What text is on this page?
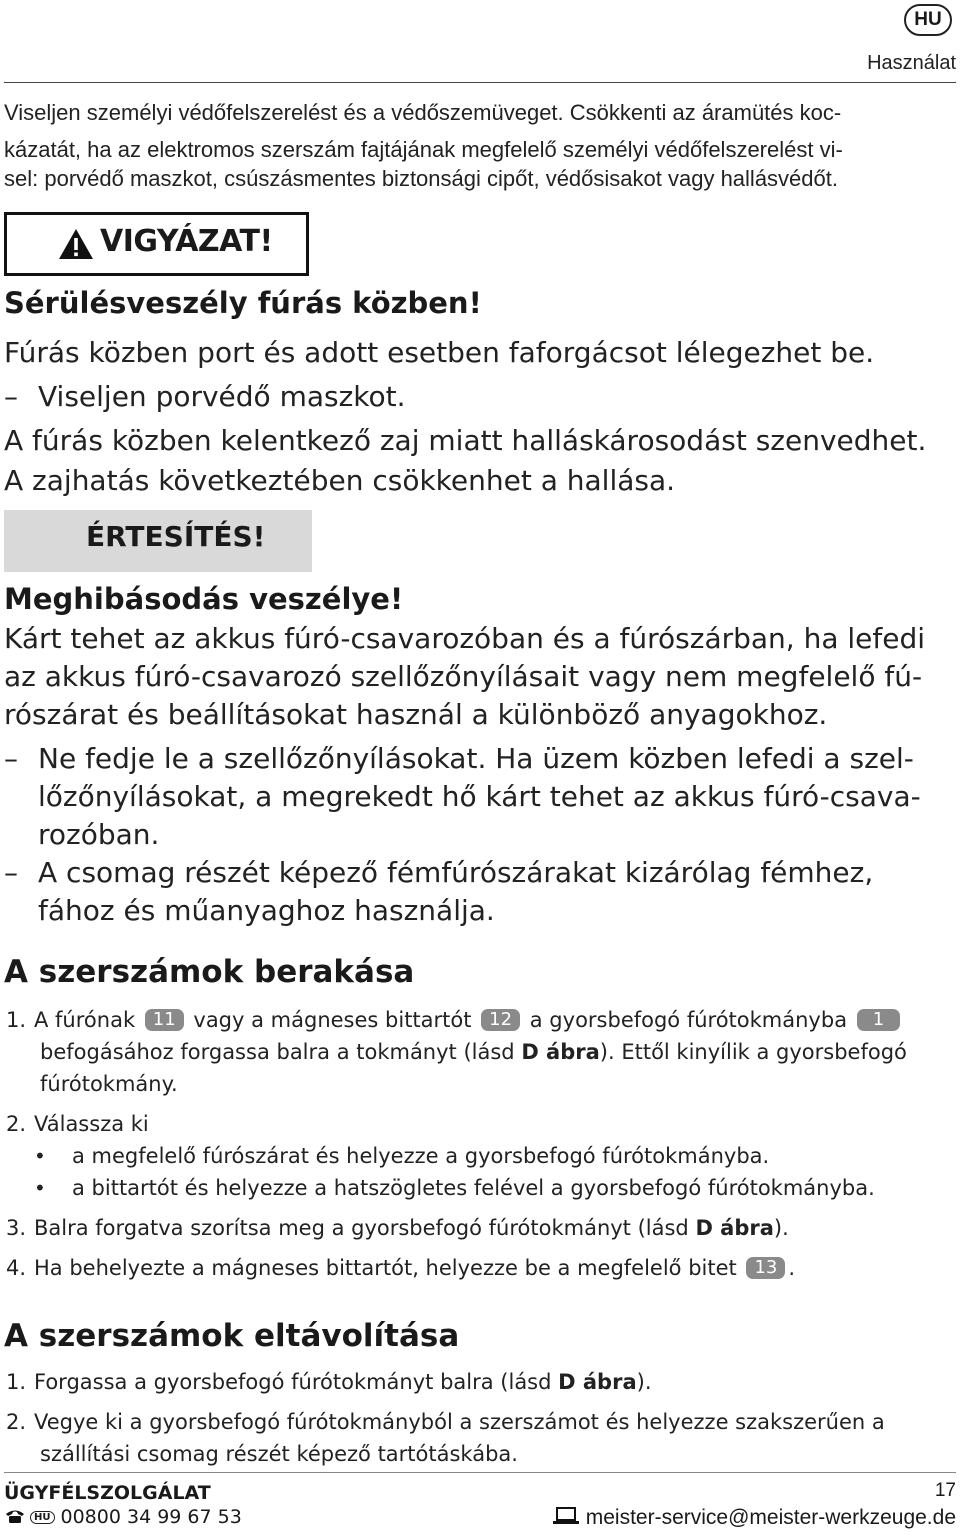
HU
Használat
Viseljen személyi védőfelszerelést és a védőszemüveget. Csökkenti az áramütés koc-
kázatát, ha az elektromos szerszám fajtájának megfelelő személyi védőfelszerelést vi-
sel: porvédő maszkot, csúszásmentes biztonsági cipőt, védősisakot vagy hallásvédőt.
VIGYÁZAT!
Sérülésveszély fúrás közben!
Fúrás közben port és adott esetben faforgácsot lélegezhet be.
– Viseljen porvédő maszkot.
A fúrás közben kelentkező zaj miatt halláskárosodást szenvedhet.
A zajhatás következtében csökkenhet a hallása.
ÉRTESÍTÉS!
Meghibásodás veszélye!
Kárt tehet az akkus fúró-csavarozóban és a fúrószárban, ha lefedi
az akkus fúró-csavarozó szellőzőnyílásait vagy nem megfelelő fú-
rószárat és beállításokat használ a különböző anyagokhoz.
– Ne fedje le a szellőzőnyílásokat. Ha üzem közben lefedi a szel-
lőzőnyílásokat, a megrekedt hő kárt tehet az akkus fúró-csava-
rozóban.
– A csomag részét képező fémfúrószárakat kizárólag fémhez,
fához és műanyaghoz használja.
A szerszámok berakása
1. A fúrónak 11 vagy a mágneses bittartót 12 a gyorsbefogó fúrótokmányba 1
befogásához forgassa balra a tokmányt (lásd D ábra). Ettől kinyílik a gyorsbefogó
fúrótokmány.
2. Válassza ki
• a megfelelő fúrószárat és helyezze a gyorsbefogó fúrótokmányba.
• a bittartót és helyezze a hatszögletes felével a gyorsbefogó fúrótokmányba.
3. Balra forgatva szorítsa meg a gyorsbefogó fúrótokmányt (lásd D ábra).
4. Ha behelyezte a mágneses bittartót, helyezze be a megfelelő bitet 13 .
A szerszámok eltávolítása
1. Forgassa a gyorsbefogó fúrótokmányt balra (lásd D ábra).
2. Vegye ki a gyorsbefogó fúrótokmányból a szerszámot és helyezze szakszerűen a
szállítási csomag részét képező tartótáskába.
ÜGYFÉLSZOLGÁLAT	17
HU 00800 34 99 67 53	meister-service@meister-werkzeuge.de
